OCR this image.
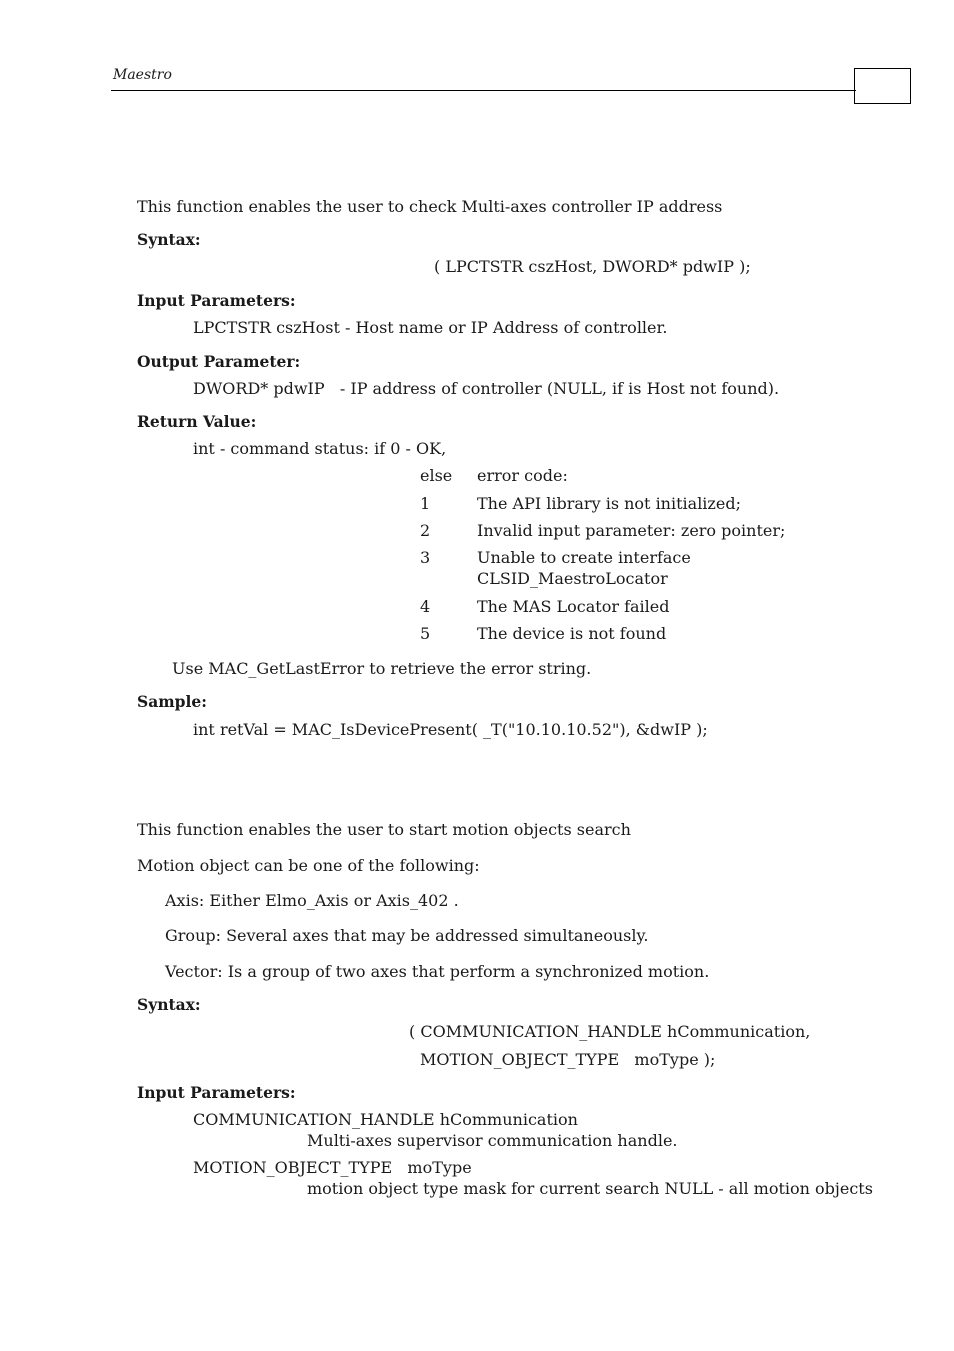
Maestro
This function enables the user to check Multi-axes controller IP address
Syntax:
( LPCTSTR cszHost, DWORD* pdwIP );
Input Parameters:
LPCTSTR cszHost - Host name or IP Address of controller.
Output Parameter:
DWORD* pdwIP   - IP address of controller (NULL, if is Host not found).
Return Value:
int - command status: if 0 - OK,
else error code:
1	The API library is not initialized;
2	Invalid input parameter: zero pointer;
3	Unable to create interface
CLSID_MaestroLocator
4	The MAS Locator failed
5	The device is not found
Use MAC_GetLastError to retrieve the error string.
Sample:
int retVal = MAC_IsDevicePresent( _T("10.10.10.52"), &dwIP );
This function enables the user to start motion objects search
Motion object can be one of the following:
Axis: Either Elmo_Axis or Axis_402 .
Group: Several axes that may be addressed simultaneously.
Vector: Is a group of two axes that perform a synchronized motion.
Syntax:
( COMMUNICATION_HANDLE hCommunication,
MOTION_OBJECT_TYPE   moType );
Input Parameters:
COMMUNICATION_HANDLE hCommunication
Multi-axes supervisor communication handle.
MOTION_OBJECT_TYPE   moType
motion object type mask for current search NULL - all motion objects
